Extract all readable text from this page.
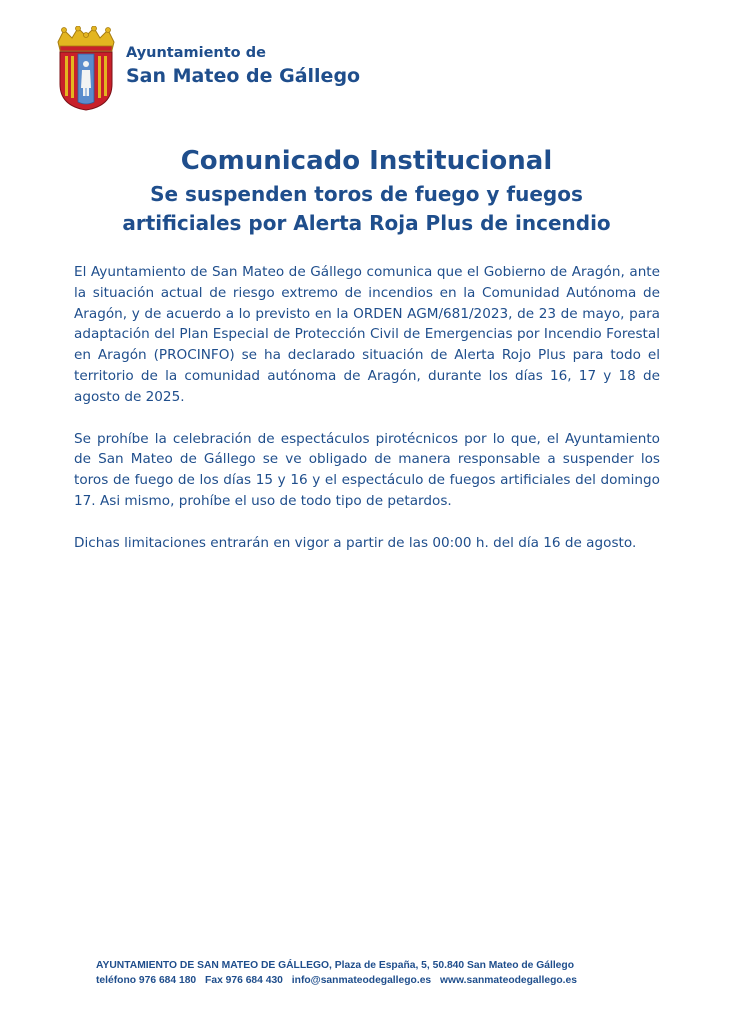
Ayuntamiento de
San Mateo de Gállego
Comunicado Institucional
Se suspenden toros de fuego y fuegos
artificiales por Alerta Roja Plus de incendio

El Ayuntamiento de San Mateo de Gállego comunica que el Gobierno de Aragón, ante la situación actual de riesgo extremo de incendios en la Comunidad Autónoma de Aragón, y de acuerdo a lo previsto en la ORDEN AGM/681/2023, de 23 de mayo, para adaptación del Plan Especial de Protección Civil de Emergencias por Incendio Forestal en Aragón (PROCINFO) se ha declarado situación de Alerta Rojo Plus para todo el territorio de la comunidad autónoma de Aragón, durante los días 16, 17 y 18 de agosto de 2025.

Se prohíbe la celebración de espectáculos pirotécnicos por lo que, el Ayuntamiento de San Mateo de Gállego se ve obligado de manera responsable a suspender los toros de fuego de los días 15 y 16 y el espectáculo de fuegos artificiales del domingo 17. Asi mismo, prohíbe el uso de todo tipo de petardos.

Dichas limitaciones entrarán en vigor a partir de las 00:00 h. del día 16 de agosto.

AYUNTAMIENTO DE SAN MATEO DE GÁLLEGO, Plaza de España, 5, 50.840 San Mateo de Gállego
teléfono 976 684 180 Fax 976 684 430 info@sanmateodegallego.es www.sanmateodegallego.es
